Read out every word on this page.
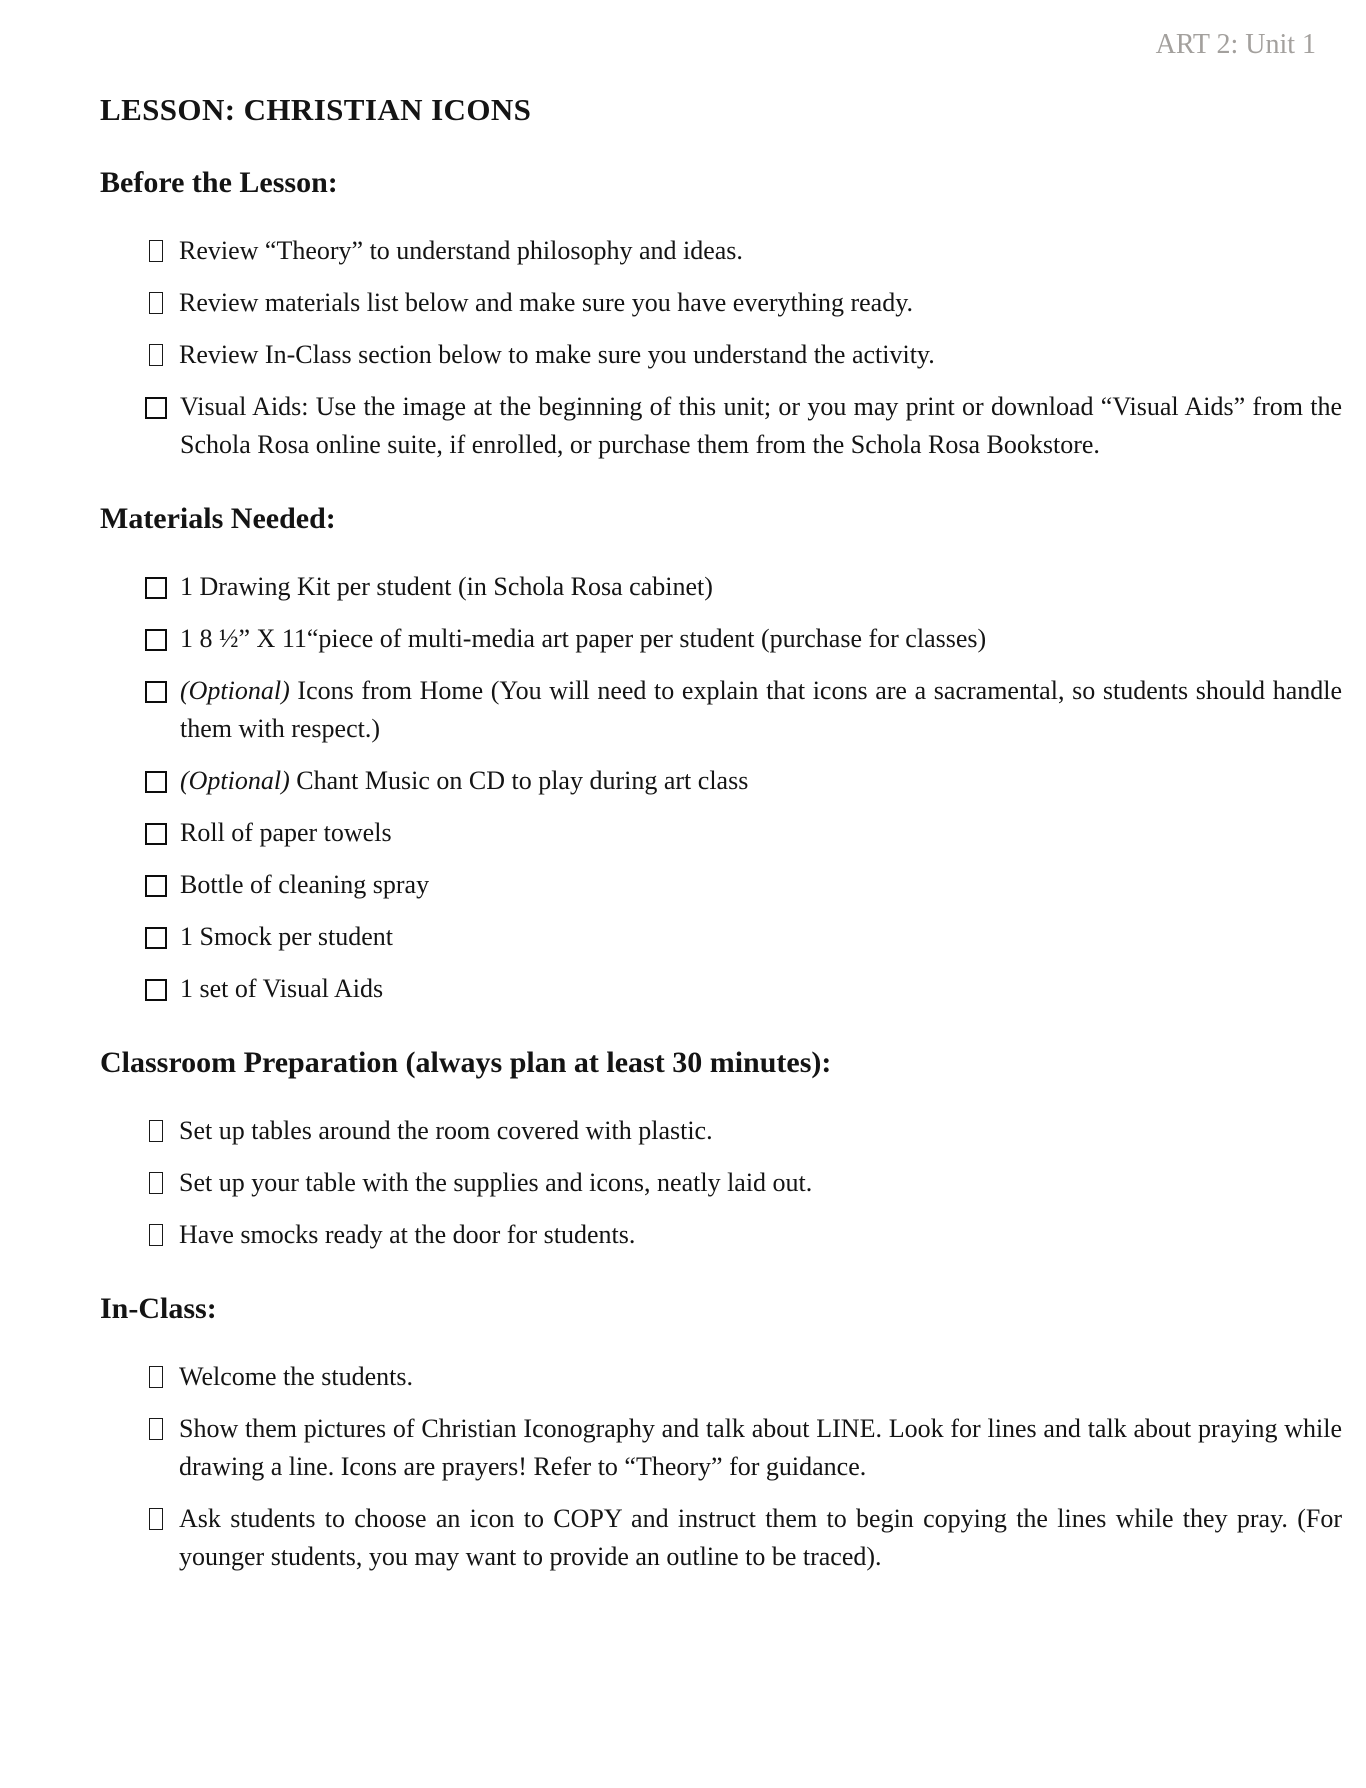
ART 2: Unit 1

LESSON: CHRISTIAN ICONS
Before the Lesson:
Review “Theory” to understand philosophy and ideas.
Review materials list below and make sure you have everything ready.
Review In-Class section below to make sure you understand the activity.
Visual Aids: Use the image at the beginning of this unit; or you may print or download “Visual Aids” from the Schola Rosa online suite, if enrolled, or purchase them from the Schola Rosa Bookstore.
Materials Needed:
1 Drawing Kit per student (in Schola Rosa cabinet)
1 8 ½” X 11“piece of multi-media art paper per student (purchase for classes)
(Optional) Icons from Home (You will need to explain that icons are a sacramental, so students should handle them with respect.)
(Optional) Chant Music on CD to play during art class
Roll of paper towels
Bottle of cleaning spray
1 Smock per student
1 set of Visual Aids
Classroom Preparation (always plan at least 30 minutes):
Set up tables around the room covered with plastic.
Set up your table with the supplies and icons, neatly laid out.
Have smocks ready at the door for students.
In-Class:
Welcome the students.
Show them pictures of Christian Iconography and talk about LINE. Look for lines and talk about praying while drawing a line. Icons are prayers! Refer to “Theory” for guidance.
Ask students to choose an icon to COPY and instruct them to begin copying the lines while they pray. (For younger students, you may want to provide an outline to be traced).
